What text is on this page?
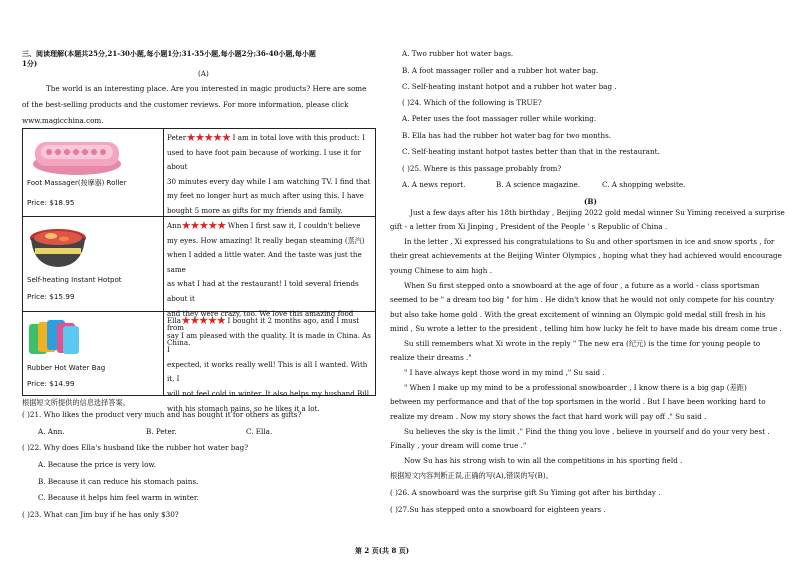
三、阅读理解(本题共25分,21-30小题,每小题1分;31-35小题,每小题2分;36-40小题,每小题
1分)
(A)
The world is an interesting place. Are you interested in magic products? Here are some
of the best-selling products and the customer reviews. For more information, please click
www.magicchina.com.
Foot Massager(按摩器) Roller
Price: $18.95
Peter★★★★★ I am in total love with this product: I
used to have foot pain because of working. I use it for about
30 minutes every day while I am watching TV. I find that
my feet no longer hurt as much after using this. I have
bought 5 more as gifts for my friends and family.
Self-heating Instant Hotpot
Price: $15.99
Ann★★★★★ When I first saw it, I couldn't believe
my eyes. How amazing! It really began steaming (蒸汽)
when I added a little water. And the taste was just the same
as what I had at the restaurant! I told several friends about it
and they were crazy, too. We love this amazing food from
China.
Rubber Hot Water Bag
Price: $14.99
Ella★★★★★ I bought it 2 months ago, and I must
say I am pleased with the quality. It is made in China. As I
expected, it works really well! This is all I wanted. With it, I
will not feel cold in winter. It also helps my husband Bill
with his stomach pains, so he likes it a lot.
根据短文所提供的信息选择答案。
( )21. Who likes the product very much and has bought it for others as gifts?
A. Ann.	B. Peter.	C. Ella.
( )22. Why does Ella's husband like the rubber hot water bag?
A. Because the price is very low.
B. Because it can reduce his stomach pains.
C. Because it helps him feel warm in winter.
( )23. What can Jim buy if he has only $30?
A. Two rubber hot water bags.
B. A foot massager roller and a rubber hot water bag.
C. Self-heating instant hotpot and a rubber hot water bag .
( )24. Which of the following is TRUE?
A. Peter uses the foot massager roller while working.
B. Ella has had the rubber hot water bag for two months.
C. Self-heating instant hotpot tastes better than that in the restaurant.
( )25. Where is this passage probably from?
A. A news report.	B. A science magazine.	C. A shopping website.
(B)
Just a few days after his 18th birthday , Beijing 2022 gold medal winner Su Yiming received a surprise
gift - a letter from Xi Jinping , President of the People ' s Republic of China .
In the letter , Xi expressed his congratulations to Su and other sportsmen in ice and snow sports , for
their great achievements at the Beijing Winter Olympics , hoping what they had achieved would encourage
young Chinese to aim high .
When Su first stepped onto a snowboard at the age of four , a future as a world - class sportsman
seemed to be " a dream too big " for him . He didn't know that he would not only compete for his country
but also take home gold . With the great excitement of winning an Olympic gold medal still fresh in his
mind , Su wrote a letter to the president , telling him how lucky he felt to have made his dream come true .
Su still remembers what Xi wrote in the reply " The new era (纪元) is the time for young people to
realize their dreams ."
" I have always kept those word in my mind ," Su said .
" When I make up my mind to be a professional snowboarder , I know there is a big gap (差距)
between my performance and that of the top sportsmen in the world . But I have been working hard to
realize my dream . Now my story shows the fact that hard work will pay off ." Su said .
Su believes the sky is the limit ." Find the thing you love , believe in yourself and do your very best .
Finally , your dream will come true ."
Now Su has his strong wish to win all the competitions in his sporting field .
根据短文内容判断正误,正确的写(A),错误的写(B)。
( )26. A snowboard was the surprise gift Su Yiming got after his birthday .
( )27.Su has stepped onto a snowboard for eighteen years .
第 2 页(共 8 页)
